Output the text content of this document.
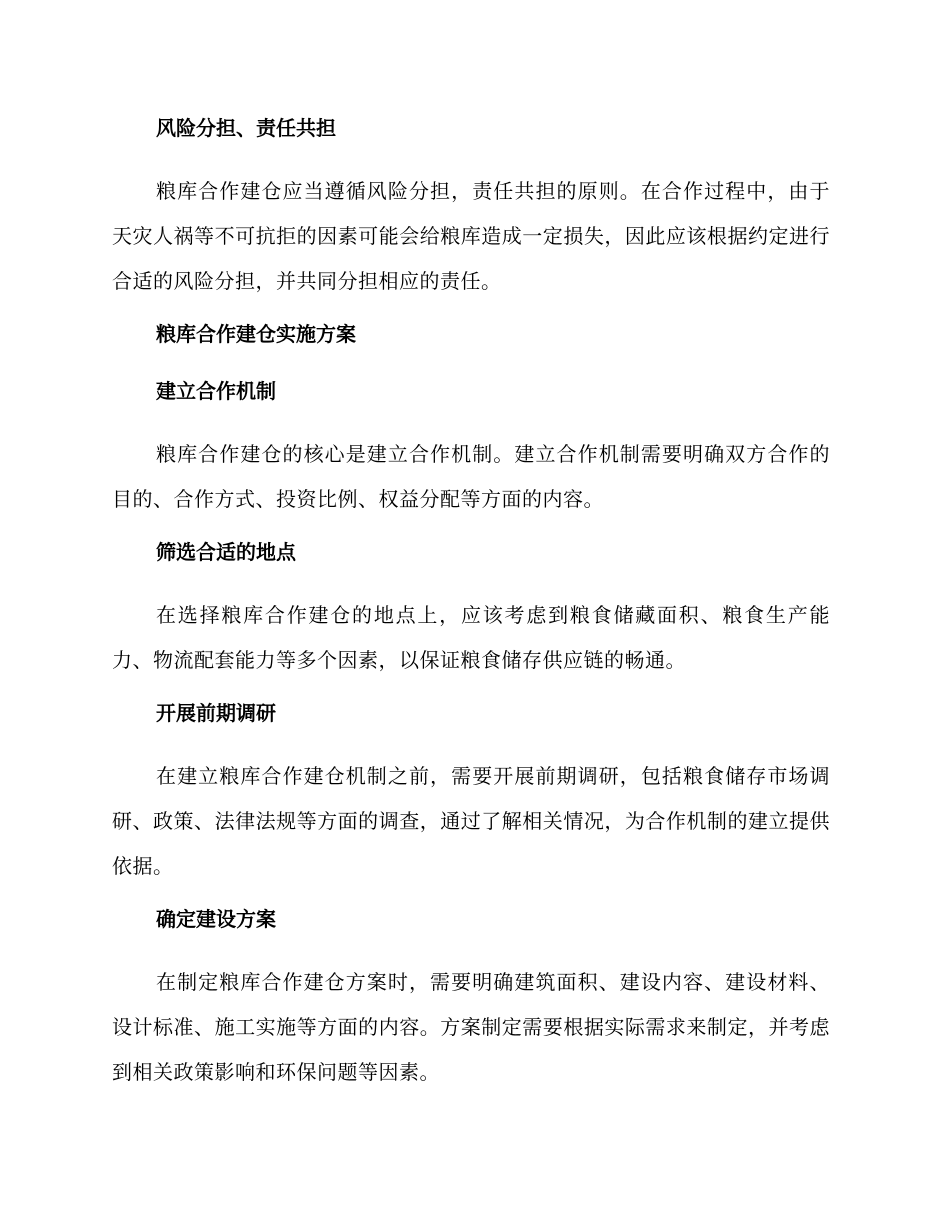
风险分担、责任共担

粮库合作建仓应当遵循风险分担，责任共担的原则。在合作过程中，由于天灾人祸等不可抗拒的因素可能会给粮库造成一定损失，因此应该根据约定进行合适的风险分担，并共同分担相应的责任。

粮库合作建仓实施方案
建立合作机制

粮库合作建仓的核心是建立合作机制。建立合作机制需要明确双方合作的目的、合作方式、投资比例、权益分配等方面的内容。

筛选合适的地点

在选择粮库合作建仓的地点上，应该考虑到粮食储藏面积、粮食生产能力、物流配套能力等多个因素，以保证粮食储存供应链的畅通。

开展前期调研

在建立粮库合作建仓机制之前，需要开展前期调研，包括粮食储存市场调研、政策、法律法规等方面的调查，通过了解相关情况，为合作机制的建立提供依据。

确定建设方案

在制定粮库合作建仓方案时，需要明确建筑面积、建设内容、建设材料、设计标准、施工实施等方面的内容。方案制定需要根据实际需求来制定，并考虑到相关政策影响和环保问题等因素。
